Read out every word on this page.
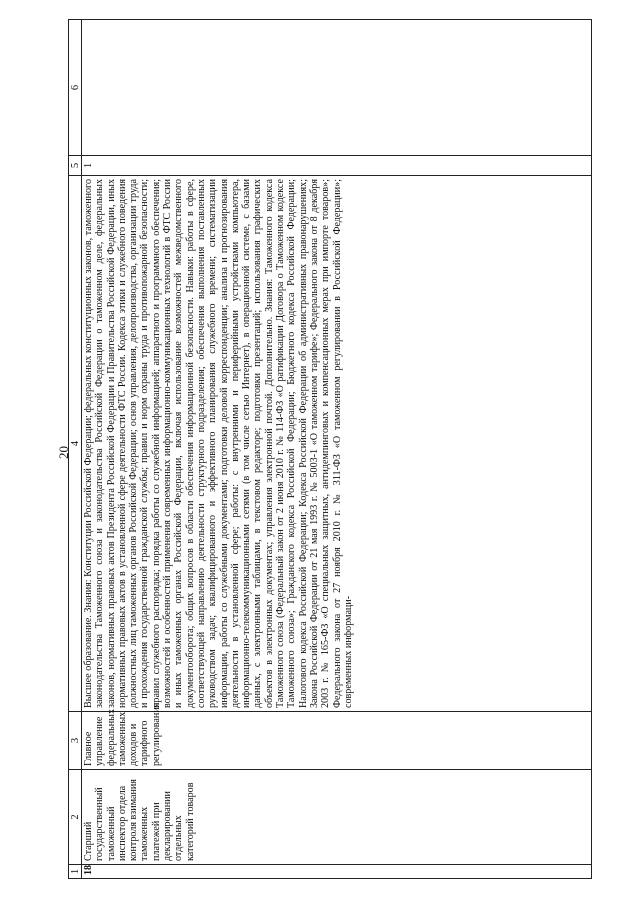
20
1	2	3	4	5	6
18	Старший государственный таможенный инспектор отдела контроля взимания таможенных платежей при декларировании отдельных категорий товаров	Главное управление федеральных таможенных доходов и тарифного регулирования	Высшее образование. Знания: Конституции Российской Федерации; федеральных конституционных законов, таможенного законодательства Таможенного союза и законодательства Российской Федерации о таможенном деле, федеральных законов, нормативных правовых актов Президента Российской Федерации и Правительства Российской Федерации, иных нормативных правовых актов в установленной сфере деятельности ФТС России. Кодекса этики и служебного поведения должностных лиц таможенных органов Российской Федерации; основ управления, делопроизводства, организации труда и прохождения государственной гражданской службы; правил и норм охраны труда и противопожарной безопасности; правил служебного распорядка; порядка работы со служебной информацией; аппаратного и программного обеспечения; возможностей и особенностей применения современных информационно-коммуникационных технологий в ФТС России и иных таможенных органах Российской Федерации, включая использование возможностей межведомственного документооборота; общих вопросов в области обеспечения информационной безопасности. Навыки: работы в сфере, соответствующей направлению деятельности структурного подразделения; обеспечения выполнения поставленных руководством задач; квалифицированного и эффективного планирования служебного времени; систематизации информации, работы со служебными документами; подготовки деловой корреспонденции; анализа и прогнозирования деятельности в установленной сфере; работы: с внутренними и периферийными устройствами компьютера, информационно-телекоммуникационными сетями (в том числе сетью Интернет), в операционной системе, с базами данных, с электронными таблицами, в текстовом редакторе; подготовки презентаций; использования графических объектов в электронных документах; управления электронной почтой. Дополнительно. Знания: Таможенного кодекса Таможенного союза (Федеральный закон от 2 июня 2010 г. № 114-ФЗ «О ратификации Договора о Таможенном кодексе Таможенного союза»; Гражданского кодекса Российской Федерации; Бюджетного кодекса Российской Федерации; Налогового кодекса Российской Федерации; Кодекса Российской Федерации об административных правонарушениях; Закона Российской Федерации от 21 мая 1993 г. № 5003-1 «О таможенном тарифе»; Федерального закона от 8 декабря 2003 г. № 165-ФЗ «О специальных защитных, антидемпинговых и компенсационных мерах при импорте товаров»; Федерального закона от 27 ноября 2010 г. № 311-ФЗ «О таможенном регулировании в Российской Федерации»; современных информаци-	1	
